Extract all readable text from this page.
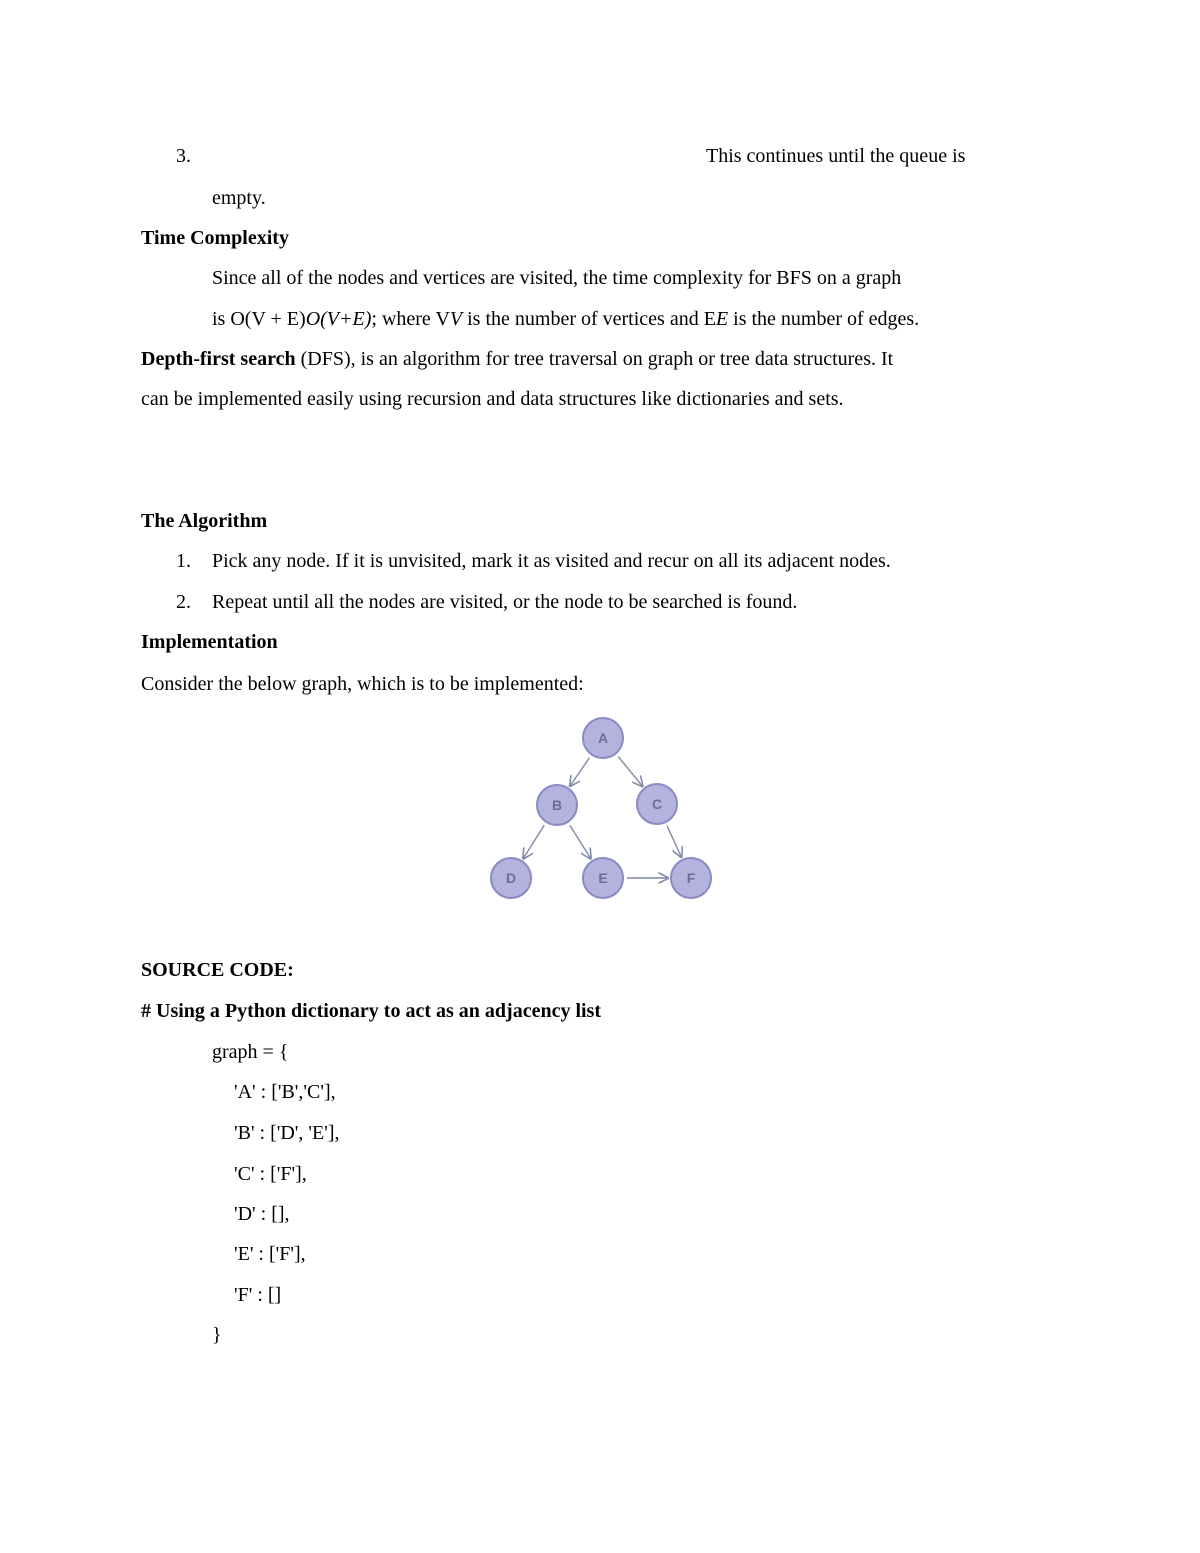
3.	This continues until the queue is
empty.
Time Complexity
Since all of the nodes and vertices are visited, the time complexity for BFS on a graph
is O(V + E)O(V+E); where VV is the number of vertices and EE is the number of edges.
Depth-first search (DFS), is an algorithm for tree traversal on graph or tree data structures. It
can be implemented easily using recursion and data structures like dictionaries and sets.
The Algorithm
1. Pick any node. If it is unvisited, mark it as visited and recur on all its adjacent nodes.
2. Repeat until all the nodes are visited, or the node to be searched is found.
Implementation
Consider the below graph, which is to be implemented:
A
B	C
D	E	F
SOURCE CODE:
# Using a Python dictionary to act as an adjacency list
graph = {
'A' : ['B','C'],
'B' : ['D', 'E'],
'C' : ['F'],
'D' : [],
'E' : ['F'],
'F' : []
}
